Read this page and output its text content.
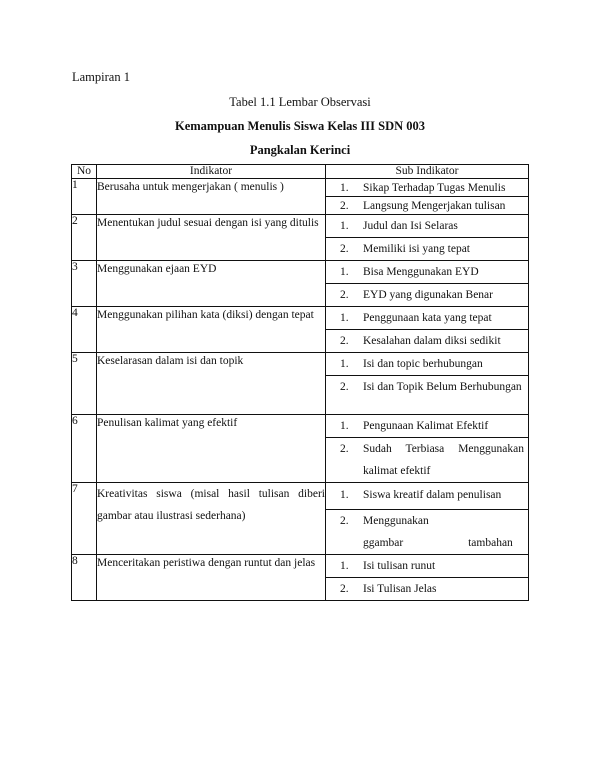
Lampiran 1
Tabel 1.1 Lembar Observasi
Kemampuan Menulis Siswa Kelas III SDN 003
Pangkalan Kerinci
No	Indikator	Sub Indikator
1	Berusaha untuk mengerjakan ( menulis )	1. Sikap Terhadap Tugas Menulis
2. Langsung Mengerjakan tulisan

2	Menentukan judul sesuai dengan isi yang ditulis	1. Judul dan Isi Selaras
2. Memiliki isi yang tepat

3	Menggunakan ejaan EYD	1. Bisa Menggunakan EYD
2. EYD yang digunakan Benar

4	Menggunakan pilihan kata (diksi) dengan tepat	1. Penggunaan kata yang tepat
2. Kesalahan dalam diksi sedikit

5	Keselarasan dalam isi dan topik	1. Isi dan topic berhubungan
2. Isi dan Topik Belum Berhubungan

6	Penulisan kalimat yang efektif	1. Pengunaan Kalimat Efektif
2. Sudah Terbiasa Menggunakan kalimat efektif

7	Kreativitas siswa (misal hasil tulisan diberi gambar atau ilustrasi sederhana)	1. Siswa kreatif dalam penulisan
2. Menggunakan ggambar tambahan

8	Menceritakan peristiwa dengan runtut dan jelas	1. Isi tulisan runut
2. Isi Tulisan Jelas
